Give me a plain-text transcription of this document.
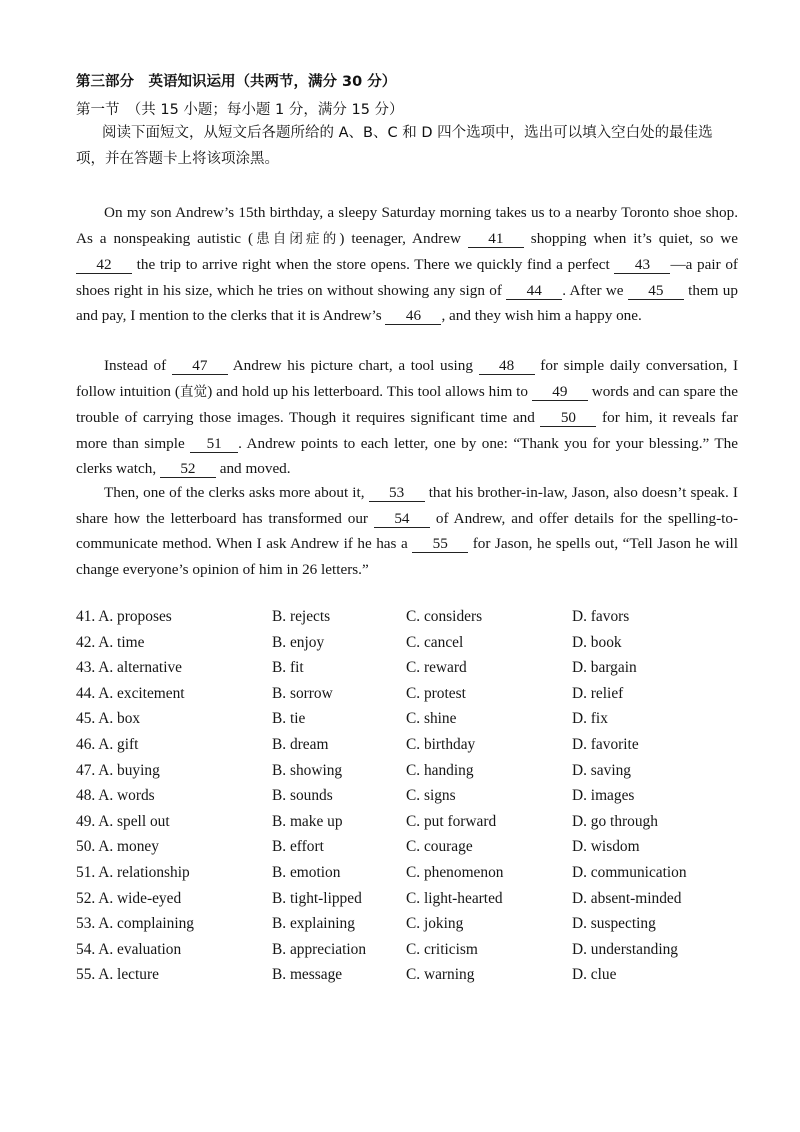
第三部分　英语知识运用（共两节，满分 30 分）
第一节　（共 15 小题；每小题 1 分，满分 15 分）
阅读下面短文，从短文后各题所给的 A、B、C 和 D 四个选项中，选出可以填入空白处的最佳选项，并在答题卡上将该项涂黑。
On my son Andrew’s 15th birthday, a sleepy Saturday morning takes us to a nearby Toronto shoe shop. As a nonspeaking autistic (患自闭症的) teenager, Andrew 41 shopping when it’s quiet, so we 42 the trip to arrive right when the store opens. There we quickly find a perfect 43 —a pair of shoes right in his size, which he tries on without showing any sign of 44 . After we 45 them up and pay, I mention to the clerks that it is Andrew’s 46 , and they wish him a happy one.
Instead of 47 Andrew his picture chart, a tool using 48 for simple daily conversation, I follow intuition (直觉) and hold up his letterboard. This tool allows him to 49 words and can spare the trouble of carrying those images. Though it requires significant time and 50 for him, it reveals far more than simple 51 . Andrew points to each letter, one by one: “Thank you for your blessing.” The clerks watch, 52 and moved.
Then, one of the clerks asks more about it, 53 that his brother-in-law, Jason, also doesn’t speak. I share how the letterboard has transformed our 54 of Andrew, and offer details for the spelling-to-communicate method. When I ask Andrew if he has a 55 for Jason, he spells out, “Tell Jason he will change everyone’s opinion of him in 26 letters.”
41. A. proposes	B. rejects	C. considers	D. favors
42. A. time	B. enjoy	C. cancel	D. book
43. A. alternative	B. fit	C. reward	D. bargain
44. A. excitement	B. sorrow	C. protest	D. relief
45. A. box	B. tie	C. shine	D. fix
46. A. gift	B. dream	C. birthday	D. favorite
47. A. buying	B. showing	C. handing	D. saving
48. A. words	B. sounds	C. signs	D. images
49. A. spell out	B. make up	C. put forward	D. go through
50. A. money	B. effort	C. courage	D. wisdom
51. A. relationship	B. emotion	C. phenomenon	D. communication
52. A. wide-eyed	B. tight-lipped	C. light-hearted	D. absent-minded
53. A. complaining	B. explaining	C. joking	D. suspecting
54. A. evaluation	B. appreciation	C. criticism	D. understanding
55. A. lecture	B. message	C. warning	D. clue
